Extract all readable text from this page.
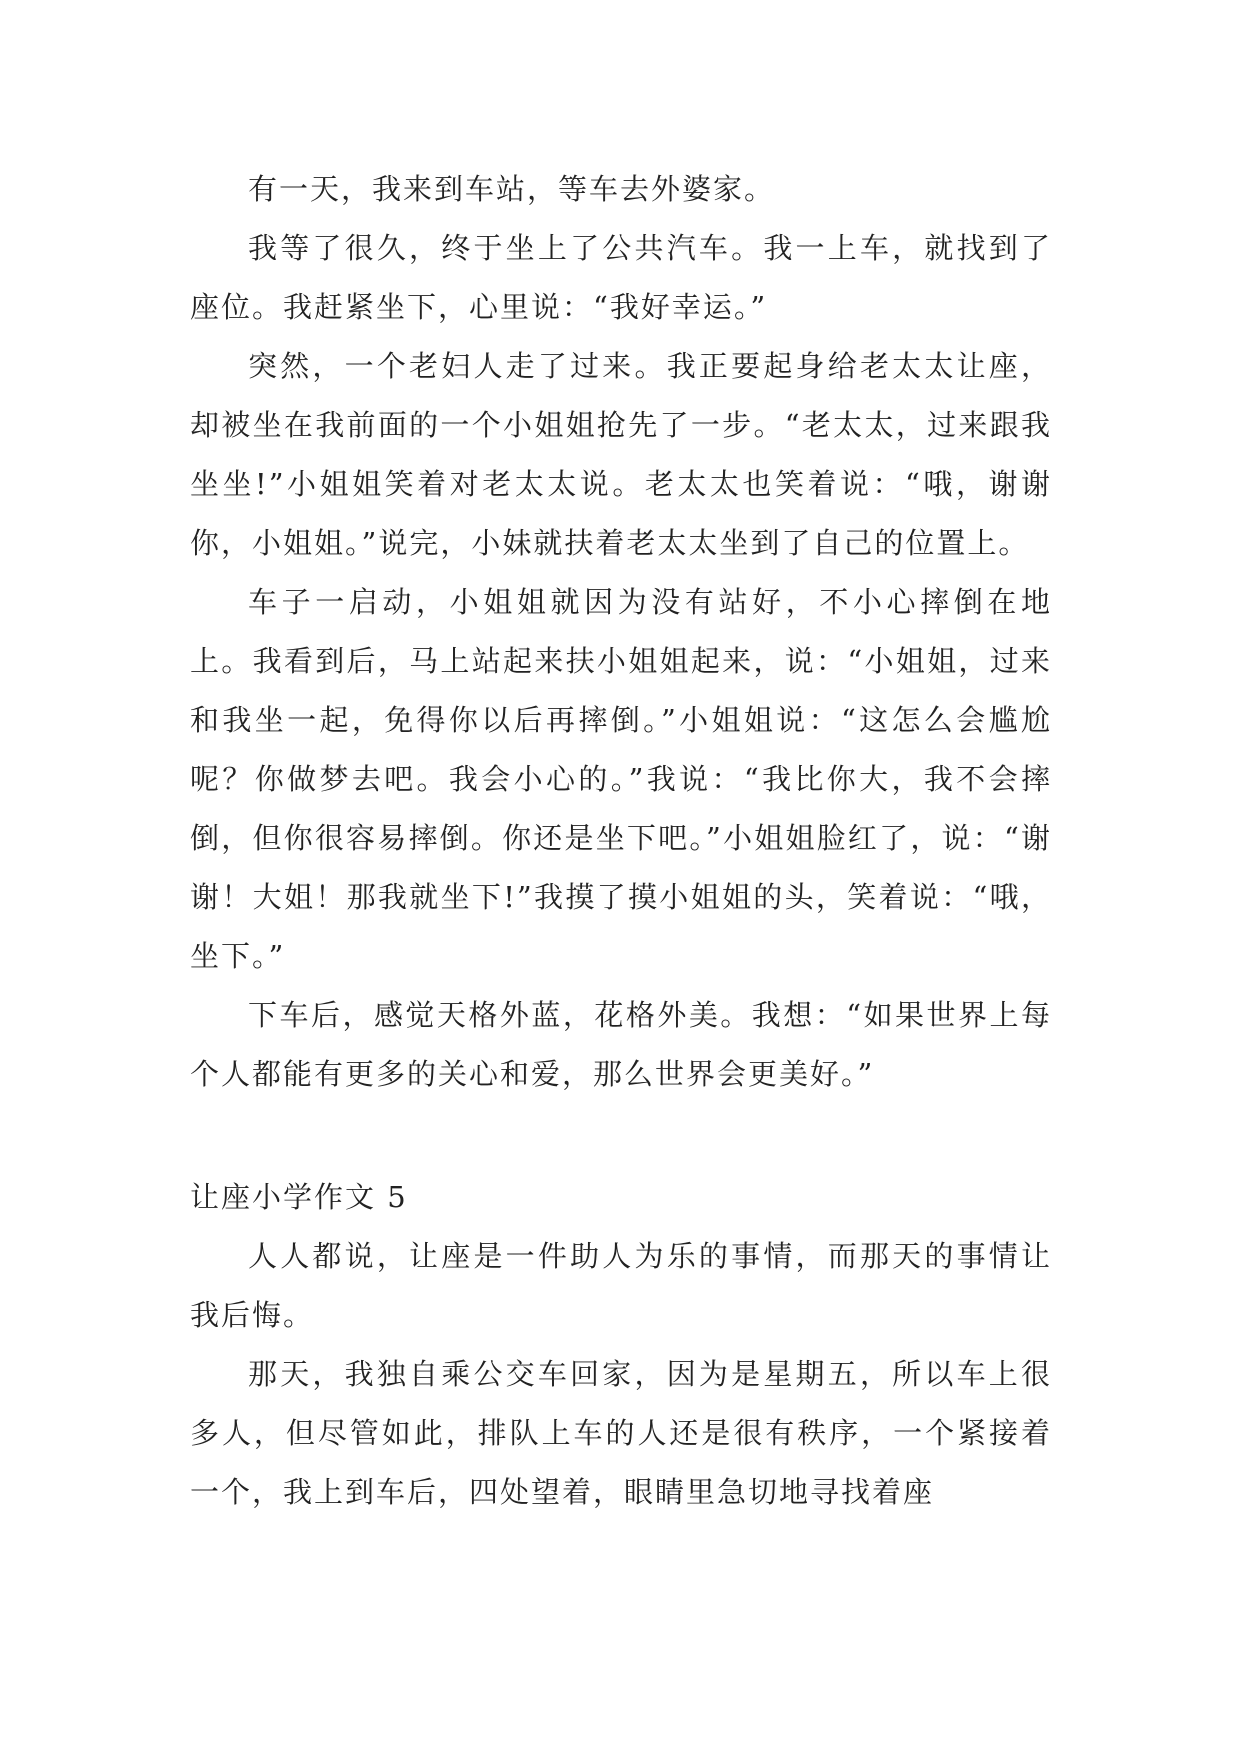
有一天，我来到车站，等车去外婆家。

我等了很久，终于坐上了公共汽车。我一上车，就找到了座位。我赶紧坐下，心里说：“我好幸运。”

突然，一个老妇人走了过来。我正要起身给老太太让座，却被坐在我前面的一个小姐姐抢先了一步。“老太太，过来跟我坐坐!”小姐姐笑着对老太太说。老太太也笑着说：“哦，谢谢你，小姐姐。”说完，小妹就扶着老太太坐到了自己的位置上。

车子一启动，小姐姐就因为没有站好，不小心摔倒在地上。我看到后，马上站起来扶小姐姐起来，说：“小姐姐，过来和我坐一起，免得你以后再摔倒。”小姐姐说：“这怎么会尴尬呢？你做梦去吧。我会小心的。”我说：“我比你大，我不会摔倒，但你很容易摔倒。你还是坐下吧。”小姐姐脸红了，说：“谢谢！大姐！那我就坐下!”我摸了摸小姐姐的头，笑着说：“哦，坐下。”

下车后，感觉天格外蓝，花格外美。我想：“如果世界上每个人都能有更多的关心和爱，那么世界会更美好。”

让座小学作文 5

人人都说，让座是一件助人为乐的事情，而那天的事情让我后悔。

那天，我独自乘公交车回家，因为是星期五，所以车上很多人，但尽管如此，排队上车的人还是很有秩序，一个紧接着一个，我上到车后，四处望着，眼睛里急切地寻找着座
